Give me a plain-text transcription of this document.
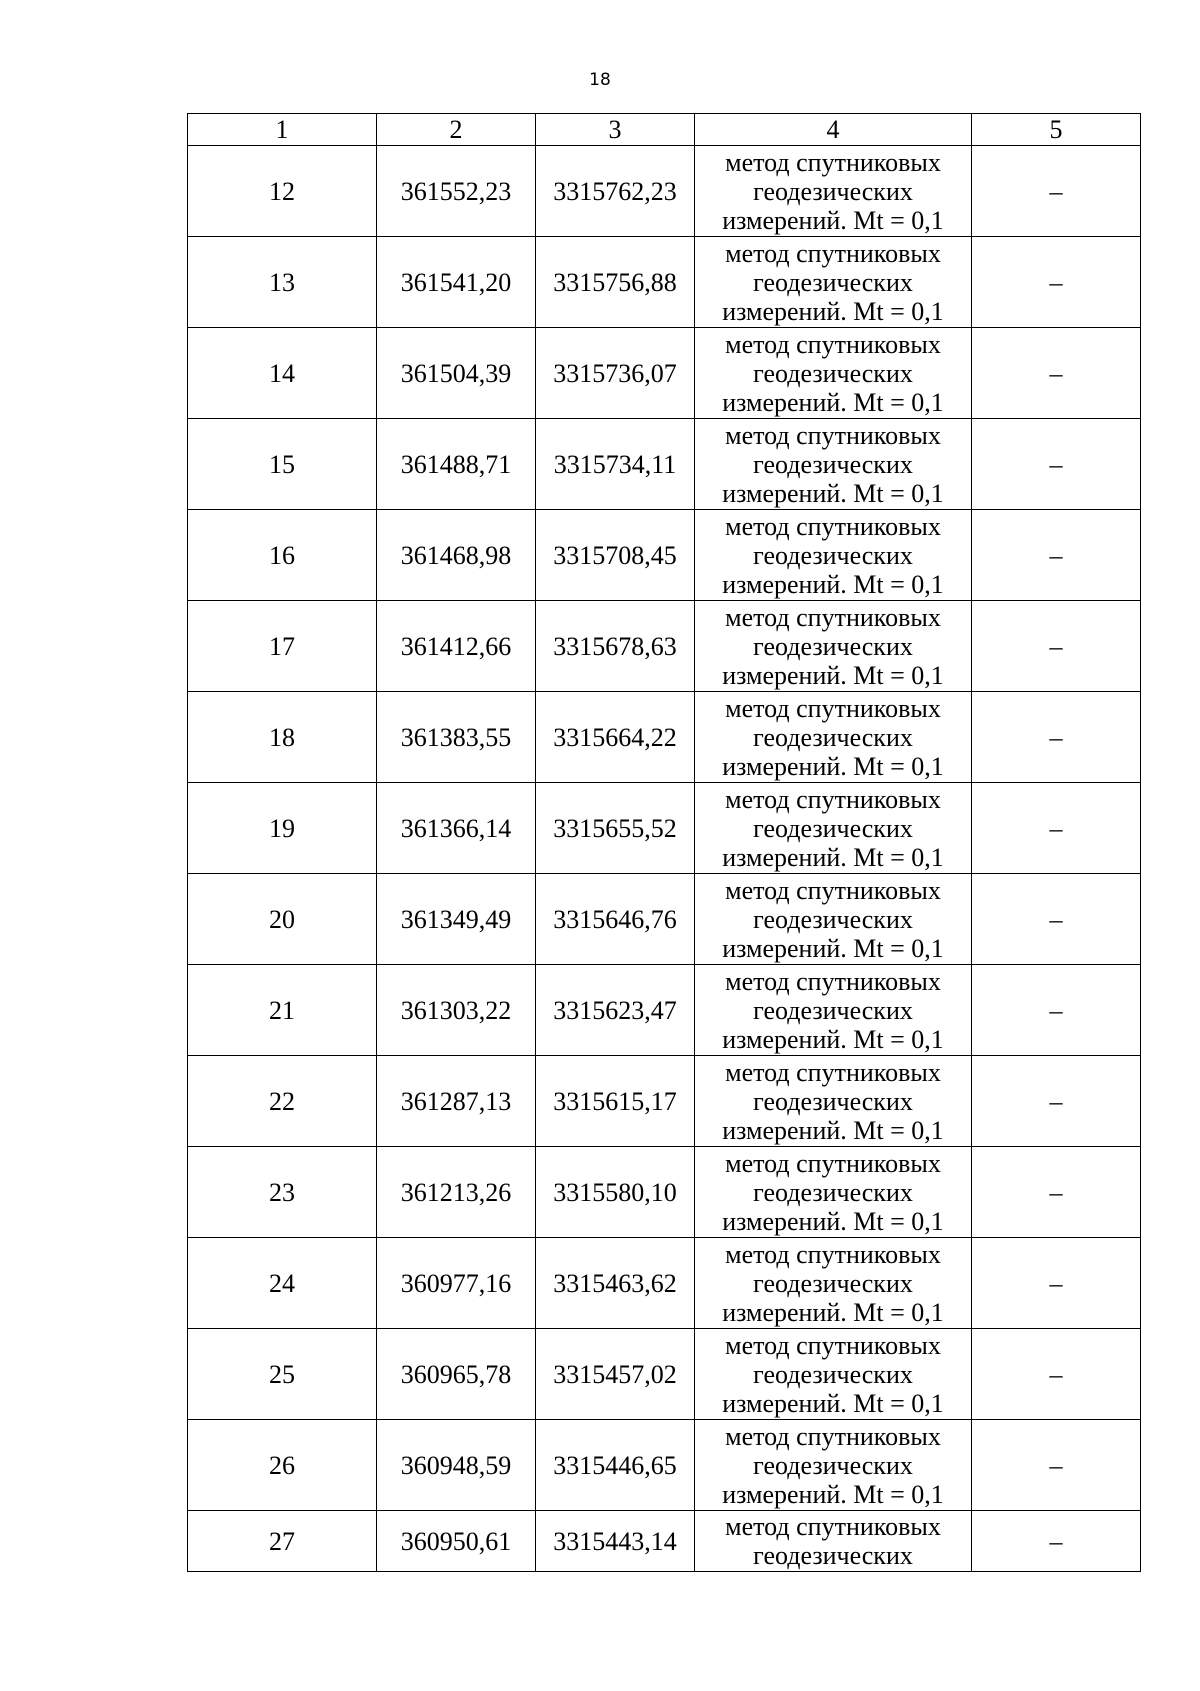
18
1	2	3	4	5
12	361552,23	3315762,23	метод спутниковых
геодезических
измерений. Mt = 0,1	–
13	361541,20	3315756,88	метод спутниковых
геодезических
измерений. Mt = 0,1	–
14	361504,39	3315736,07	метод спутниковых
геодезических
измерений. Mt = 0,1	–
15	361488,71	3315734,11	метод спутниковых
геодезических
измерений. Mt = 0,1	–
16	361468,98	3315708,45	метод спутниковых
геодезических
измерений. Mt = 0,1	–
17	361412,66	3315678,63	метод спутниковых
геодезических
измерений. Mt = 0,1	–
18	361383,55	3315664,22	метод спутниковых
геодезических
измерений. Mt = 0,1	–
19	361366,14	3315655,52	метод спутниковых
геодезических
измерений. Mt = 0,1	–
20	361349,49	3315646,76	метод спутниковых
геодезических
измерений. Mt = 0,1	–
21	361303,22	3315623,47	метод спутниковых
геодезических
измерений. Mt = 0,1	–
22	361287,13	3315615,17	метод спутниковых
геодезических
измерений. Mt = 0,1	–
23	361213,26	3315580,10	метод спутниковых
геодезических
измерений. Mt = 0,1	–
24	360977,16	3315463,62	метод спутниковых
геодезических
измерений. Mt = 0,1	–
25	360965,78	3315457,02	метод спутниковых
геодезических
измерений. Mt = 0,1	–
26	360948,59	3315446,65	метод спутниковых
геодезических
измерений. Mt = 0,1	–
27	360950,61	3315443,14	метод спутниковых
геодезических	–
